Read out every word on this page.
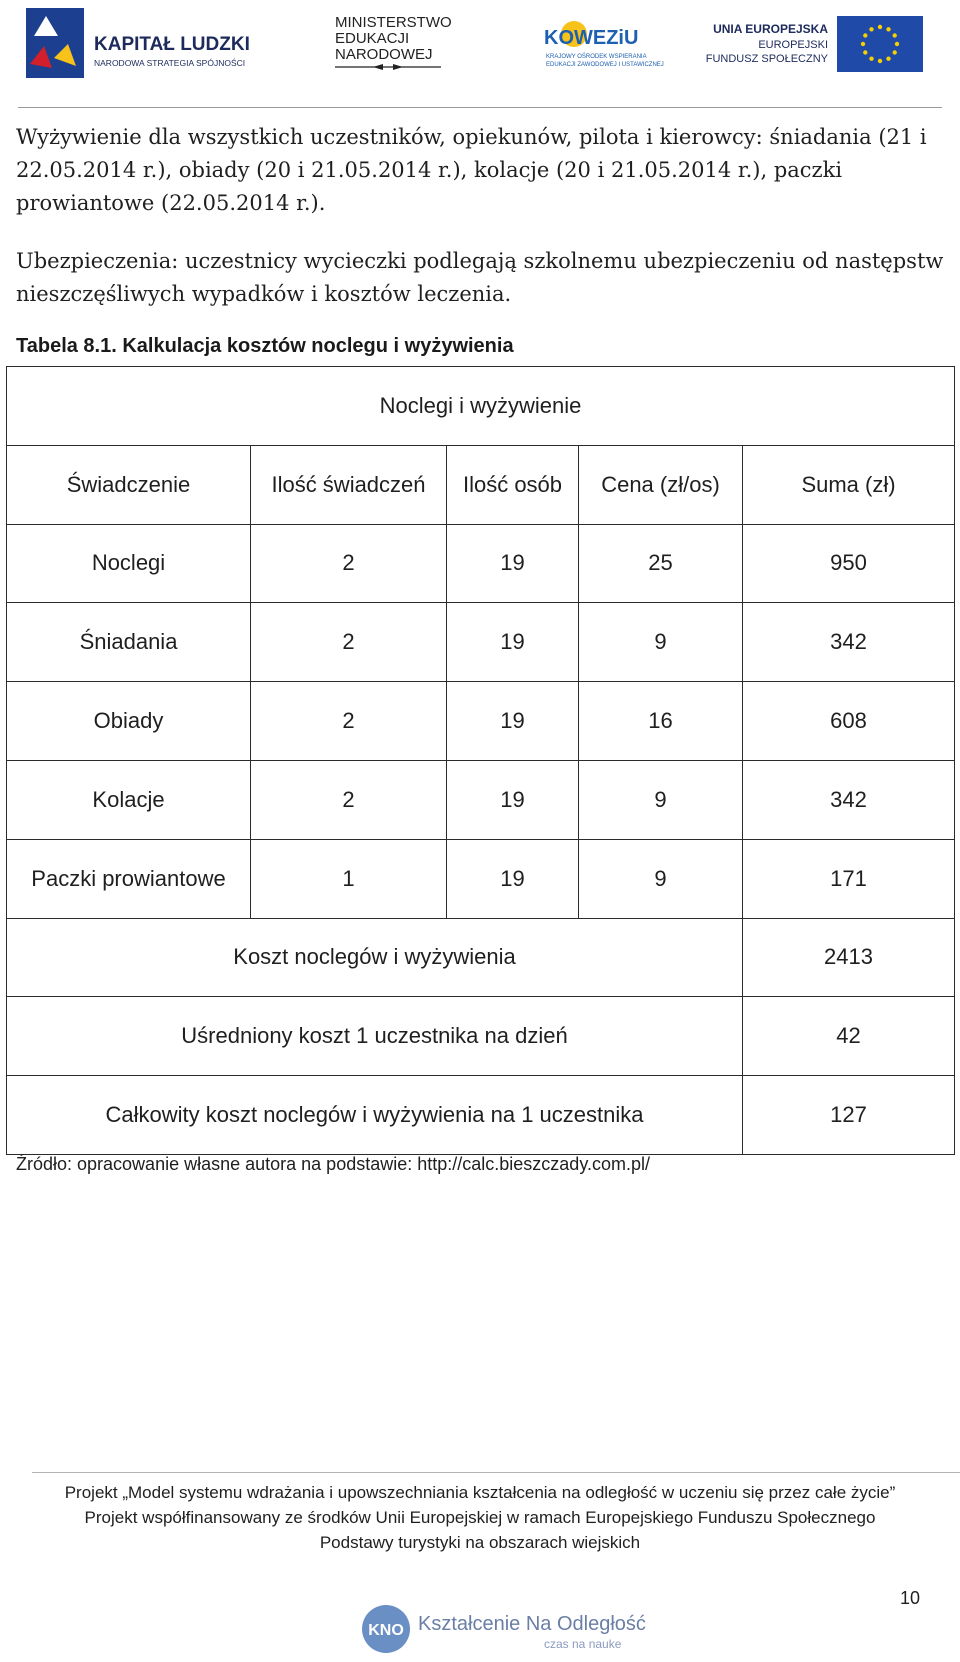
KAPITAŁ LUDZKI
NARODOWA STRATEGIA SPÓJNOŚCI
MINISTERSTWO
EDUKACJI
NARODOWEJ
KOWEZiU
KRAJOWY OŚRODEK WSPIERANIA
EDUKACJI ZAWODOWEJ I USTAWICZNEJ
UNIA EUROPEJSKA
EUROPEJSKI
FUNDUSZ SPOŁECZNY
Wyżywienie dla wszystkich uczestników, opiekunów, pilota i kierowcy: śniadania (21 i 22.05.2014 r.), obiady (20 i 21.05.2014 r.), kolacje (20 i 21.05.2014 r.), paczki prowiantowe (22.05.2014 r.).
Ubezpieczenia: uczestnicy wycieczki podlegają szkolnemu ubezpieczeniu od następstw nieszczęśliwych wypadków i kosztów leczenia.
Tabela 8.1. Kalkulacja kosztów noclegu i wyżywienia
Noclegi i wyżywienie				
Świadczenie	Ilość świadczeń	Ilość osób	Cena (zł/os)	Suma (zł)
Noclegi	2	19	25	950
Śniadania	2	19	9	342
Obiady	2	19	16	608
Kolacje	2	19	9	342
Paczki prowiantowe	1	19	9	171
Koszt noclegów i wyżywienia				2413
Uśredniony koszt 1 uczestnika na dzień				42
Całkowity koszt noclegów i wyżywienia na 1 uczestnika				127
Źródło: opracowanie własne autora na podstawie: http://calc.bieszczady.com.pl/
Projekt „Model systemu wdrażania i upowszechniania kształcenia na odległość w uczeniu się przez całe życie”
Projekt współfinansowany ze środków Unii Europejskiej w ramach Europejskiego Funduszu Społecznego
Podstawy turystyki na obszarach wiejskich
10
KNO Kształcenie Na Odległość
czas na nauke
